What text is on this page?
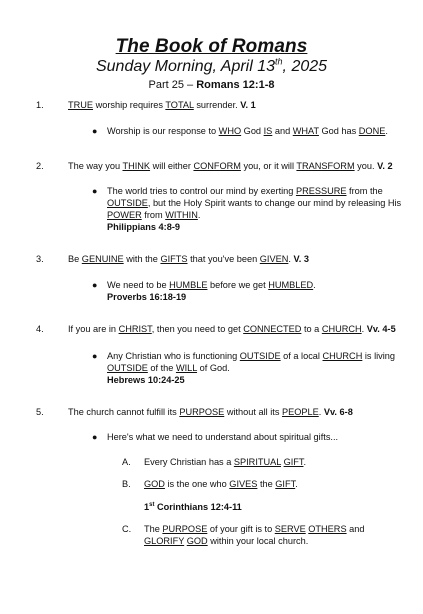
The Book of Romans
Sunday Morning, April 13th, 2025
Part 25 – Romans 12:1-8
1.	TRUE worship requires TOTAL surrender. V. 1
● Worship is our response to WHO God IS and WHAT God has DONE.
2.	The way you THINK will either CONFORM you, or it will TRANSFORM you. V. 2
● The world tries to control our mind by exerting PRESSURE from the
OUTSIDE, but the Holy Spirit wants to change our mind by releasing His
POWER from WITHIN.
Philippians 4:8-9
3.	Be GENUINE with the GIFTS that you've been GIVEN. V. 3
● We need to be HUMBLE before we get HUMBLED.
Proverbs 16:18-19
4.	If you are in CHRIST, then you need to get CONNECTED to a CHURCH. Vv. 4-5
● Any Christian who is functioning OUTSIDE of a local CHURCH is living
OUTSIDE of the WILL of God.
Hebrews 10:24-25
5.	The church cannot fulfill its PURPOSE without all its PEOPLE. Vv. 6-8
● Here's what we need to understand about spiritual gifts...
A. Every Christian has a SPIRITUAL GIFT.
B. GOD is the one who GIVES the GIFT.
1st Corinthians 12:4-11
C. The PURPOSE of your gift is to SERVE OTHERS and
GLORIFY GOD within your local church.
